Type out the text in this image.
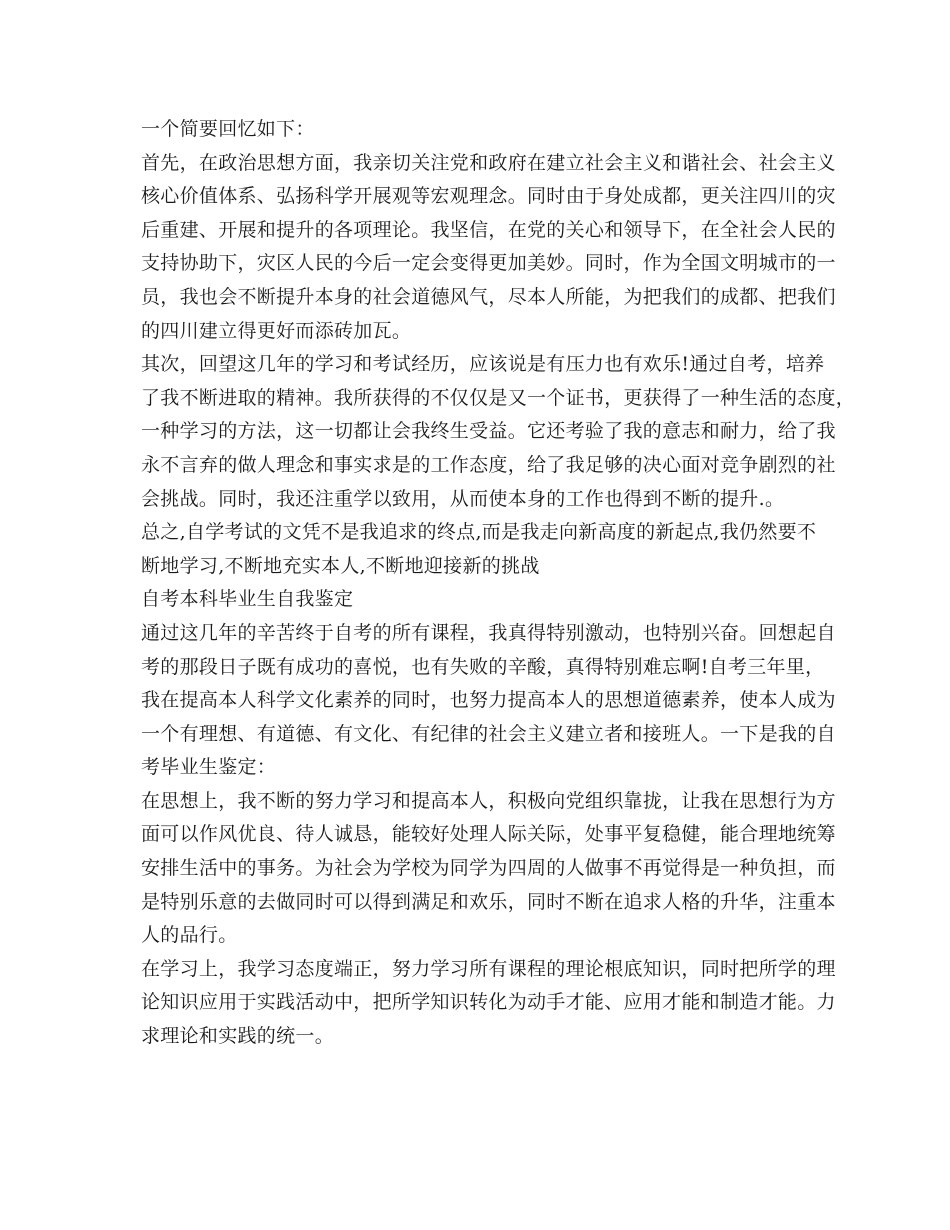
一个简要回忆如下：
首先，在政治思想方面，我亲切关注党和政府在建立社会主义和谐社会、社会主义
核心价值体系、弘扬科学开展观等宏观理念。同时由于身处成都，更关注四川的灾
后重建、开展和提升的各项理论。我坚信，在党的关心和领导下，在全社会人民的
支持协助下，灾区人民的今后一定会变得更加美妙。同时，作为全国文明城市的一
员，我也会不断提升本身的社会道德风气，尽本人所能，为把我们的成都、把我们
的四川建立得更好而添砖加瓦。
其次，回望这几年的学习和考试经历，应该说是有压力也有欢乐!通过自考，培养
了我不断进取的精神。我所获得的不仅仅是又一个证书，更获得了一种生活的态度，
一种学习的方法，这一切都让会我终生受益。它还考验了我的意志和耐力，给了我
永不言弃的做人理念和事实求是的工作态度，给了我足够的决心面对竞争剧烈的社
会挑战。同时，我还注重学以致用，从而使本身的工作也得到不断的提升.。
总之,自学考试的文凭不是我追求的终点,而是我走向新高度的新起点,我仍然要不
断地学习,不断地充实本人,不断地迎接新的挑战
自考本科毕业生自我鉴定
通过这几年的辛苦终于自考的所有课程，我真得特别激动，也特别兴奋。回想起自
考的那段日子既有成功的喜悦，也有失败的辛酸，真得特别难忘啊!自考三年里，
我在提高本人科学文化素养的同时，也努力提高本人的思想道德素养，使本人成为
一个有理想、有道德、有文化、有纪律的社会主义建立者和接班人。一下是我的自
考毕业生鉴定：
在思想上，我不断的努力学习和提高本人，积极向党组织靠拢，让我在思想行为方
面可以作风优良、待人诚恳，能较好处理人际关际，处事平复稳健，能合理地统筹
安排生活中的事务。为社会为学校为同学为四周的人做事不再觉得是一种负担，而
是特别乐意的去做同时可以得到满足和欢乐，同时不断在追求人格的升华，注重本
人的品行。
在学习上，我学习态度端正，努力学习所有课程的理论根底知识，同时把所学的理
论知识应用于实践活动中，把所学知识转化为动手才能、应用才能和制造才能。力
求理论和实践的统一。
